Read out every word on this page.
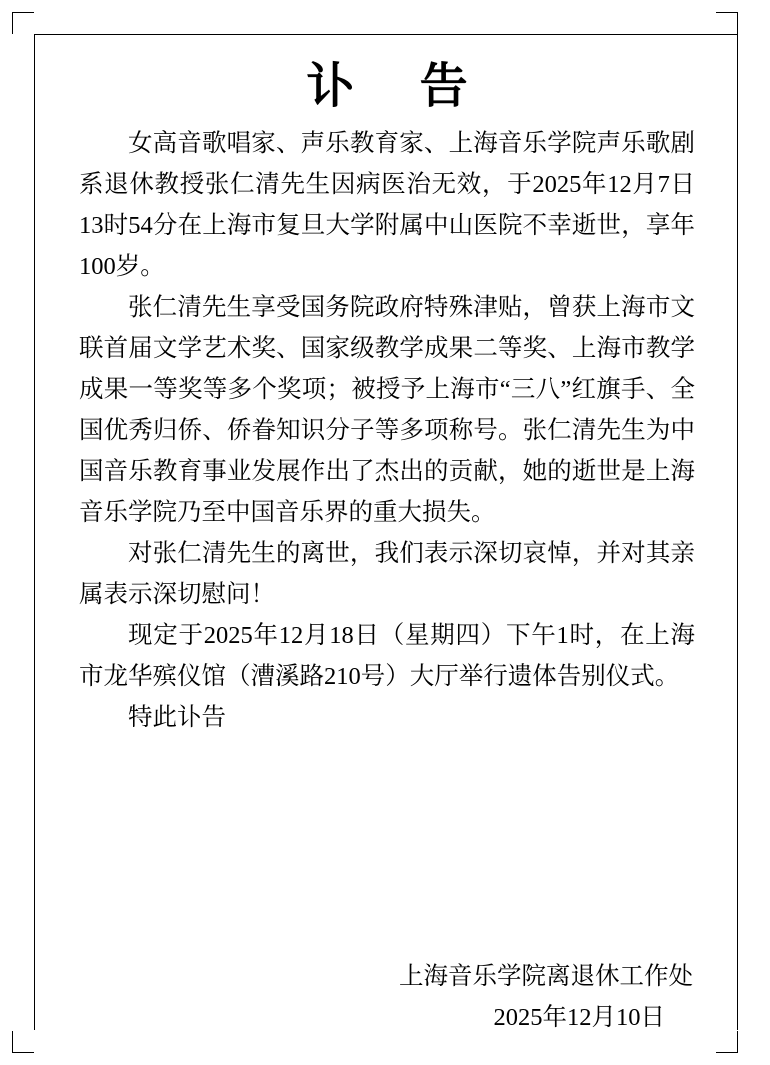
讣 告

女高音歌唱家、声乐教育家、上海音乐学院声乐歌剧系退休教授张仁清先生因病医治无效，于2025年12月7日13时54分在上海市复旦大学附属中山医院不幸逝世，享年100岁。

张仁清先生享受国务院政府特殊津贴，曾获上海市文联首届文学艺术奖、国家级教学成果二等奖、上海市教学成果一等奖等多个奖项；被授予上海市“三八”红旗手、全国优秀归侨、侨眷知识分子等多项称号。张仁清先生为中国音乐教育事业发展作出了杰出的贡献，她的逝世是上海音乐学院乃至中国音乐界的重大损失。

对张仁清先生的离世，我们表示深切哀悼，并对其亲属表示深切慰问！

现定于2025年12月18日（星期四）下午1时，在上海市龙华殡仪馆（漕溪路210号）大厅举行遗体告别仪式。

特此讣告

上海音乐学院离退休工作处
2025年12月10日
